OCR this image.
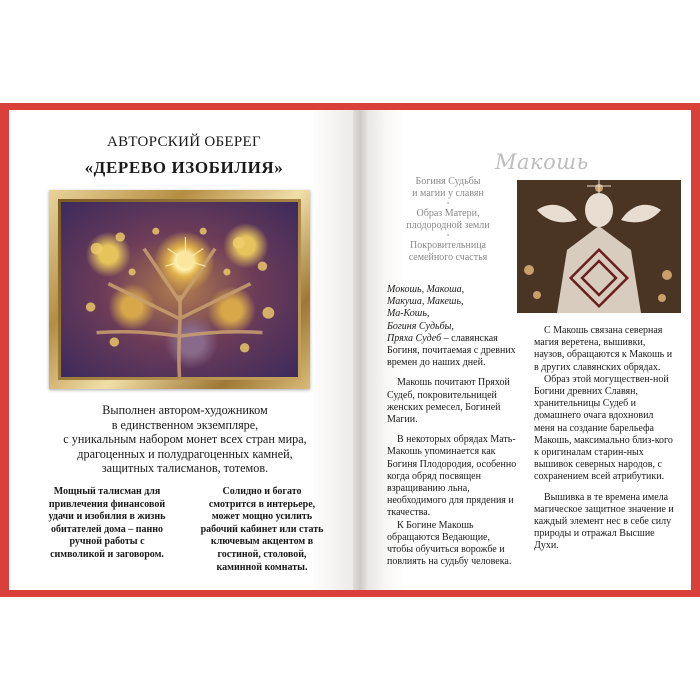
АВТОРСКИЙ ОБЕРЕГ
«ДЕРЕВО ИЗОБИЛИЯ»
Выполнен автором-художником
в единственном экземпляре,
с уникальным набором монет всех стран мира,
драгоценных и полудрагоценных камней,
защитных талисманов, тотемов.
Мощный талисман для
привлечения финансовой
удачи и изобилия в жизнь
обитателей дома – панно
ручной работы с
символикой и заговором.
Солидно и богато
смотрится в интерьере,
может мощно усилить
рабочий кабинет или стать
ключевым акцентом в
гостиной, столовой,
каминной комнаты.
Макошь
Богиня Судьбы
и магии у славян
•
Образ Матери,
плодородной земли
•
Покровительница
семейного счастья

Мокошь, Макоша,
Макуша, Макешь,
Ма-Кошь,
Богиня Судьбы,
Пряха Судеб – славянская Богиня, почитаемая с древних времен до наших дней.

Макошь почитают Пряхой Судеб, покровительницей женских ремесел, Богиней Магии.

В некоторых обрядах Мать-Макошь упоминается как Богиня Плодородия, особенно когда обряд посвящен взращиванию льна, необходимого для прядения и ткачества.

К Богине Макошь обращаются Ведающие, чтобы обучиться ворожбе и повлиять на судьбу человека.

С Макошь связана северная магия веретена, вышивки, наузов, обращаются к Макошь и в других славянских обрядах.

Образ этой могуществен-ной Богини древних Славян, хранительницы Судеб и домашнего очага вдохновил меня на создание барельефа Макошь, максимально близ-кого к оригиналам старин-ных вышивок северных народов, с сохранением всей атрибутики.

Вышивка в те времена имела магическое защитное значение и каждый элемент нес в себе силу природы и отражал Высшие Духи.
